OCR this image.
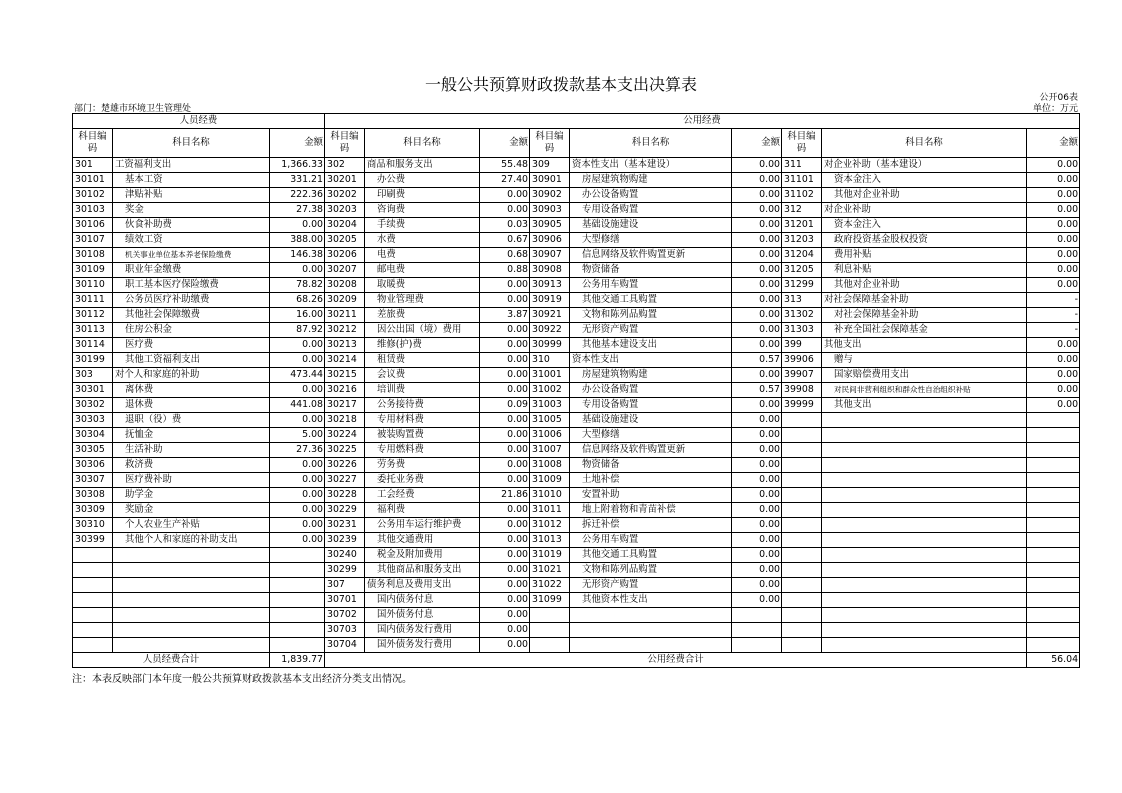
一般公共预算财政拨款基本支出决算表
公开06表
部门：楚雄市环境卫生管理处	单位：万元
人员经费			公用经费								
科目编码	科目名称	金额	科目编码	科目名称	金额	科目编码	科目名称	金额	科目编码	科目名称	金额
301	工资福利支出	1,366.33	302	商品和服务支出	55.48	309	资本性支出（基本建设）	0.00	311	对企业补助（基本建设）	0.00
30101	基本工资	331.21	30201	办公费	27.40	30901	房屋建筑物购建	0.00	31101	资本金注入	0.00
30102	津贴补贴	222.36	30202	印刷费	0.00	30902	办公设备购置	0.00	31102	其他对企业补助	0.00
30103	奖金	27.38	30203	咨询费	0.00	30903	专用设备购置	0.00	312	对企业补助	0.00
30106	伙食补助费	0.00	30204	手续费	0.03	30905	基础设施建设	0.00	31201	资本金注入	0.00
30107	绩效工资	388.00	30205	水费	0.67	30906	大型修缮	0.00	31203	政府投资基金股权投资	0.00
30108	机关事业单位基本养老保险缴费	146.38	30206	电费	0.68	30907	信息网络及软件购置更新	0.00	31204	费用补贴	0.00
30109	职业年金缴费	0.00	30207	邮电费	0.88	30908	物资储备	0.00	31205	利息补贴	0.00
30110	职工基本医疗保险缴费	78.82	30208	取暖费	0.00	30913	公务用车购置	0.00	31299	其他对企业补助	0.00
30111	公务员医疗补助缴费	68.26	30209	物业管理费	0.00	30919	其他交通工具购置	0.00	313	对社会保障基金补助	-
30112	其他社会保障缴费	16.00	30211	差旅费	3.87	30921	文物和陈列品购置	0.00	31302	对社会保障基金补助	-
30113	住房公积金	87.92	30212	因公出国（境）费用	0.00	30922	无形资产购置	0.00	31303	补充全国社会保障基金	-
30114	医疗费	0.00	30213	维修(护)费	0.00	30999	其他基本建设支出	0.00	399	其他支出	0.00
30199	其他工资福利支出	0.00	30214	租赁费	0.00	310	资本性支出	0.57	39906	赠与	0.00
303	对个人和家庭的补助	473.44	30215	会议费	0.00	31001	房屋建筑物购建	0.00	39907	国家赔偿费用支出	0.00
30301	离休费	0.00	30216	培训费	0.00	31002	办公设备购置	0.57	39908	对民间非营利组织和群众性自治组织补贴	0.00
30302	退休费	441.08	30217	公务接待费	0.09	31003	专用设备购置	0.00	39999	其他支出	0.00
30303	退职（役）费	0.00	30218	专用材料费	0.00	31005	基础设施建设	0.00			
30304	抚恤金	5.00	30224	被装购置费	0.00	31006	大型修缮	0.00			
30305	生活补助	27.36	30225	专用燃料费	0.00	31007	信息网络及软件购置更新	0.00			
30306	救济费	0.00	30226	劳务费	0.00	31008	物资储备	0.00			
30307	医疗费补助	0.00	30227	委托业务费	0.00	31009	土地补偿	0.00			
30308	助学金	0.00	30228	工会经费	21.86	31010	安置补助	0.00			
30309	奖励金	0.00	30229	福利费	0.00	31011	地上附着物和青苗补偿	0.00			
30310	个人农业生产补贴	0.00	30231	公务用车运行维护费	0.00	31012	拆迁补偿	0.00			
30399	其他个人和家庭的补助支出	0.00	30239	其他交通费用	0.00	31013	公务用车购置	0.00			
			30240	税金及附加费用	0.00	31019	其他交通工具购置	0.00			
			30299	其他商品和服务支出	0.00	31021	文物和陈列品购置	0.00			
			307	债务利息及费用支出	0.00	31022	无形资产购置	0.00			
			30701	国内债务付息	0.00	31099	其他资本性支出	0.00			
			30702	国外债务付息	0.00						
			30703	国内债务发行费用	0.00						
			30704	国外债务发行费用	0.00						
人员经费合计		1,839.77	公用经费合计								56.04
注：本表反映部门本年度一般公共预算财政拨款基本支出经济分类支出情况。
